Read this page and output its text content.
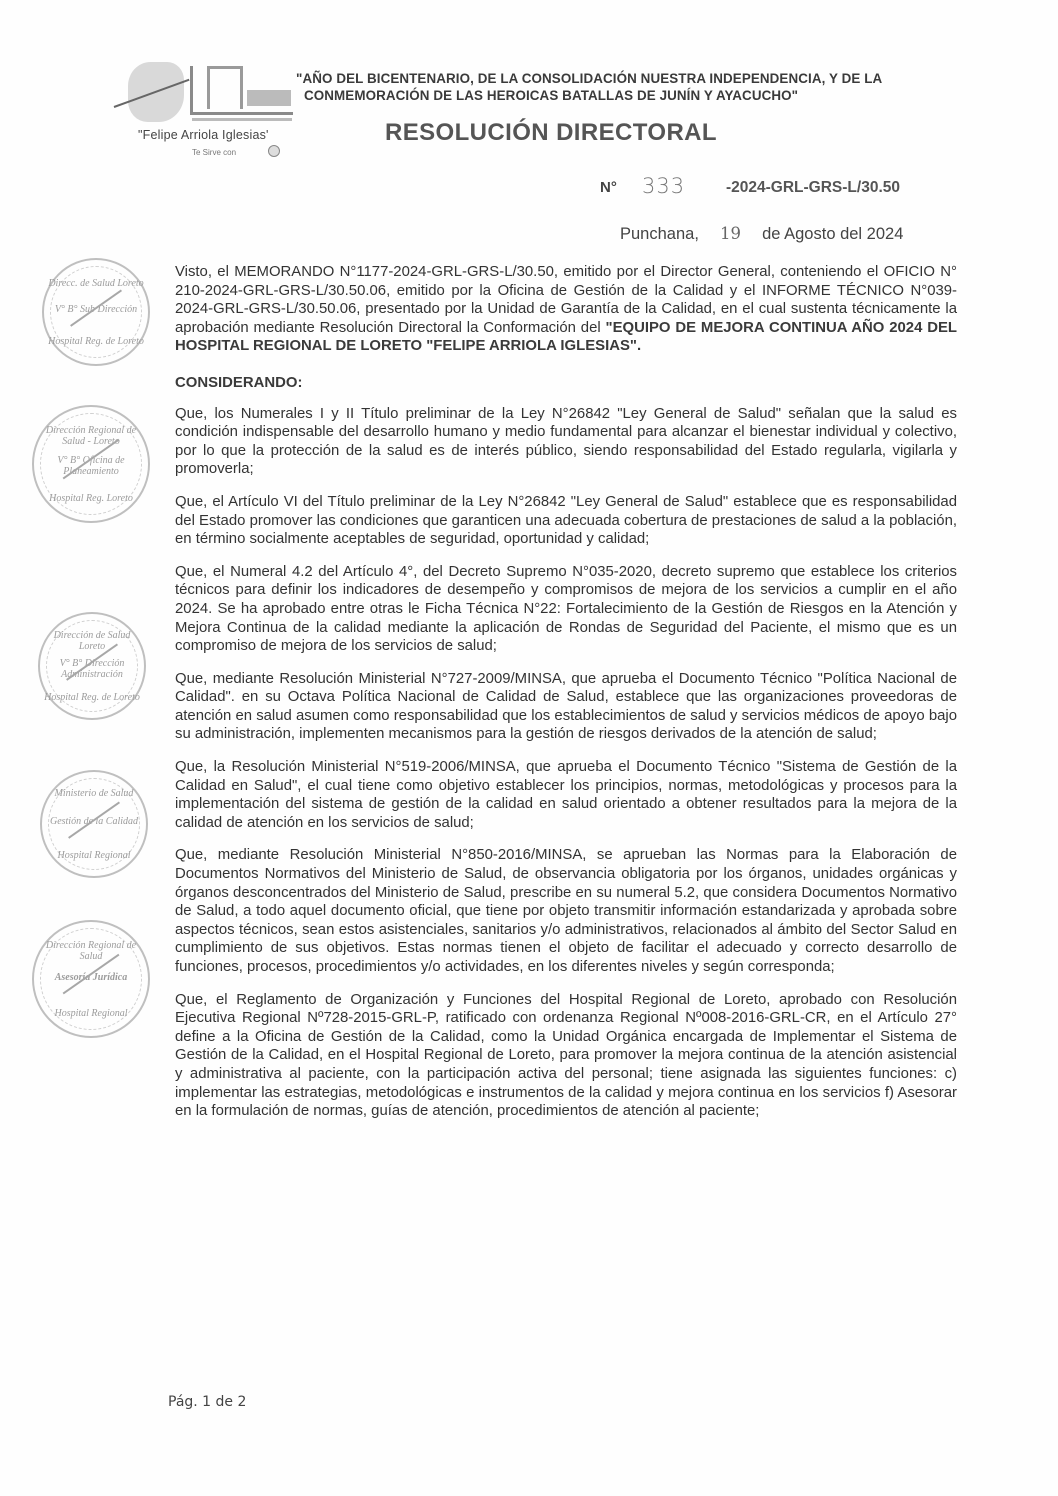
"Felipe Arriola Iglesias'
Te Sirve con
"AÑO DEL BICENTENARIO, DE LA CONSOLIDACIÓN NUESTRA INDEPENDENCIA, Y DE LA
CONMEMORACIÓN DE LAS HEROICAS BATALLAS DE JUNÍN Y AYACUCHO"
RESOLUCIÓN DIRECTORAL
N° 333	-2024-GRL-GRS-L/30.50
Punchana, 19 de Agosto del 2024
Direcc. de Salud Loreto
V° B° Sub Dirección
Hospital Reg. de Loreto
Dirección Regional de Salud - Loreto
V° B° Oficina de Planeamiento
Hospital Reg. Loreto
Dirección de Salud Loreto
V° B° Dirección Administración
Hospital Reg. de Loreto
Ministerio de Salud
Gestión de la Calidad
Hospital Regional
Dirección Regional de Salud
Asesoría Jurídica
Hospital Regional

Visto, el MEMORANDO N°1177-2024-GRL-GRS-L/30.50, emitido por el Director General, conteniendo el OFICIO N° 210-2024-GRL-GRS-L/30.50.06, emitido por la Oficina de Gestión de la Calidad y el INFORME TÉCNICO N°039-2024-GRL-GRS-L/30.50.06, presentado por la Unidad de Garantía de la Calidad, en el cual sustenta técnicamente la aprobación mediante Resolución Directoral la Conformación del "EQUIPO DE MEJORA CONTINUA AÑO 2024 DEL HOSPITAL REGIONAL DE LORETO "FELIPE ARRIOLA IGLESIAS".

CONSIDERANDO:

Que, los Numerales I y II Título preliminar de la Ley N°26842 "Ley General de Salud" señalan que la salud es condición indispensable del desarrollo humano y medio fundamental para alcanzar el bienestar individual y colectivo, por lo que la protección de la salud es de interés público, siendo responsabilidad del Estado regularla, vigilarla y promoverla;

Que, el Artículo VI del Título preliminar de la Ley N°26842 "Ley General de Salud" establece que es responsabilidad del Estado promover las condiciones que garanticen una adecuada cobertura de prestaciones de salud a la población, en término socialmente aceptables de seguridad, oportunidad y calidad;

Que, el Numeral 4.2 del Artículo 4°, del Decreto Supremo N°035-2020, decreto supremo que establece los criterios técnicos para definir los indicadores de desempeño y compromisos de mejora de los servicios a cumplir en el año 2024. Se ha aprobado entre otras le Ficha Técnica N°22: Fortalecimiento de la Gestión de Riesgos en la Atención y Mejora Continua de la calidad mediante la aplicación de Rondas de Seguridad del Paciente, el mismo que es un compromiso de mejora de los servicios de salud;

Que, mediante Resolución Ministerial N°727-2009/MINSA, que aprueba el Documento Técnico "Política Nacional de Calidad". en su Octava Política Nacional de Calidad de Salud, establece que las organizaciones proveedoras de atención en salud asumen como responsabilidad que los establecimientos de salud y servicios médicos de apoyo bajo su administración, implementen mecanismos para la gestión de riesgos derivados de la atención de salud;

Que, la Resolución Ministerial N°519-2006/MINSA, que aprueba el Documento Técnico "Sistema de Gestión de la Calidad en Salud", el cual tiene como objetivo establecer los principios, normas, metodológicas y procesos para la implementación del sistema de gestión de la calidad en salud orientado a obtener resultados para la mejora de la calidad de atención en los servicios de salud;

Que, mediante Resolución Ministerial N°850-2016/MINSA, se aprueban las Normas para la Elaboración de Documentos Normativos del Ministerio de Salud, de observancia obligatoria por los órganos, unidades orgánicas y órganos desconcentrados del Ministerio de Salud, prescribe en su numeral 5.2, que considera Documentos Normativo de Salud, a todo aquel documento oficial, que tiene por objeto transmitir información estandarizada y aprobada sobre aspectos técnicos, sean estos asistenciales, sanitarios y/o administrativos, relacionados al ámbito del Sector Salud en cumplimiento de sus objetivos. Estas normas tienen el objeto de facilitar el adecuado y correcto desarrollo de funciones, procesos, procedimientos y/o actividades, en los diferentes niveles y según corresponda;

Que, el Reglamento de Organización y Funciones del Hospital Regional de Loreto, aprobado con Resolución Ejecutiva Regional Nº728-2015-GRL-P, ratificado con ordenanza Regional Nº008-2016-GRL-CR, en el Artículo 27° define a la Oficina de Gestión de la Calidad, como la Unidad Orgánica encargada de Implementar el Sistema de Gestión de la Calidad, en el Hospital Regional de Loreto, para promover la mejora continua de la atención asistencial y administrativa al paciente, con la participación activa del personal; tiene asignada las siguientes funciones: c) implementar las estrategias, metodológicas e instrumentos de la calidad y mejora continua en los servicios f) Asesorar en la formulación de normas, guías de atención, procedimientos de atención al paciente;

Pág. 1 de 2
